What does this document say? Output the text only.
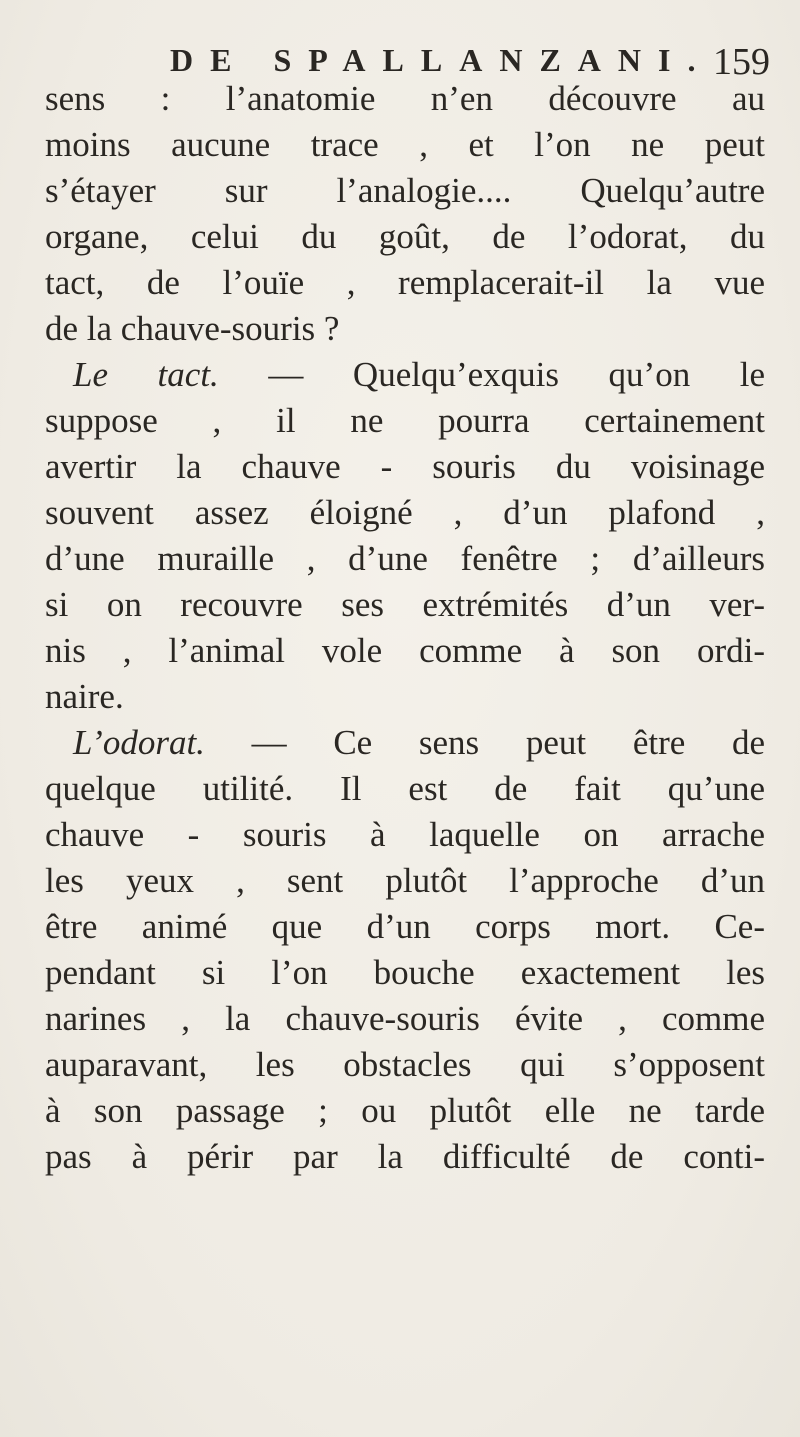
DE SPALLANZANI. 159
sens : l’anatomie n’en découvre au
moins aucune trace , et l’on ne peut
s’étayer sur l’analogie.... Quelqu’autre
organe, celui du goût, de l’odorat, du
tact, de l’ouïe , remplacerait-il la vue
de la chauve-souris ?
Le tact. — Quelqu’exquis qu’on le
suppose , il ne pourra certainement
avertir la chauve - souris du voisinage
souvent assez éloigné , d’un plafond ,
d’une muraille , d’une fenêtre ; d’ailleurs
si on recouvre ses extrémités d’un ver-
nis , l’animal vole comme à son ordi-
naire.
L’odorat. — Ce sens peut être de
quelque utilité. Il est de fait qu’une
chauve - souris à laquelle on arrache
les yeux , sent plutôt l’approche d’un
être animé que d’un corps mort. Ce-
pendant si l’on bouche exactement les
narines , la chauve-souris évite , comme
auparavant, les obstacles qui s’opposent
à son passage ; ou plutôt elle ne tarde
pas à périr par la difficulté de conti-
